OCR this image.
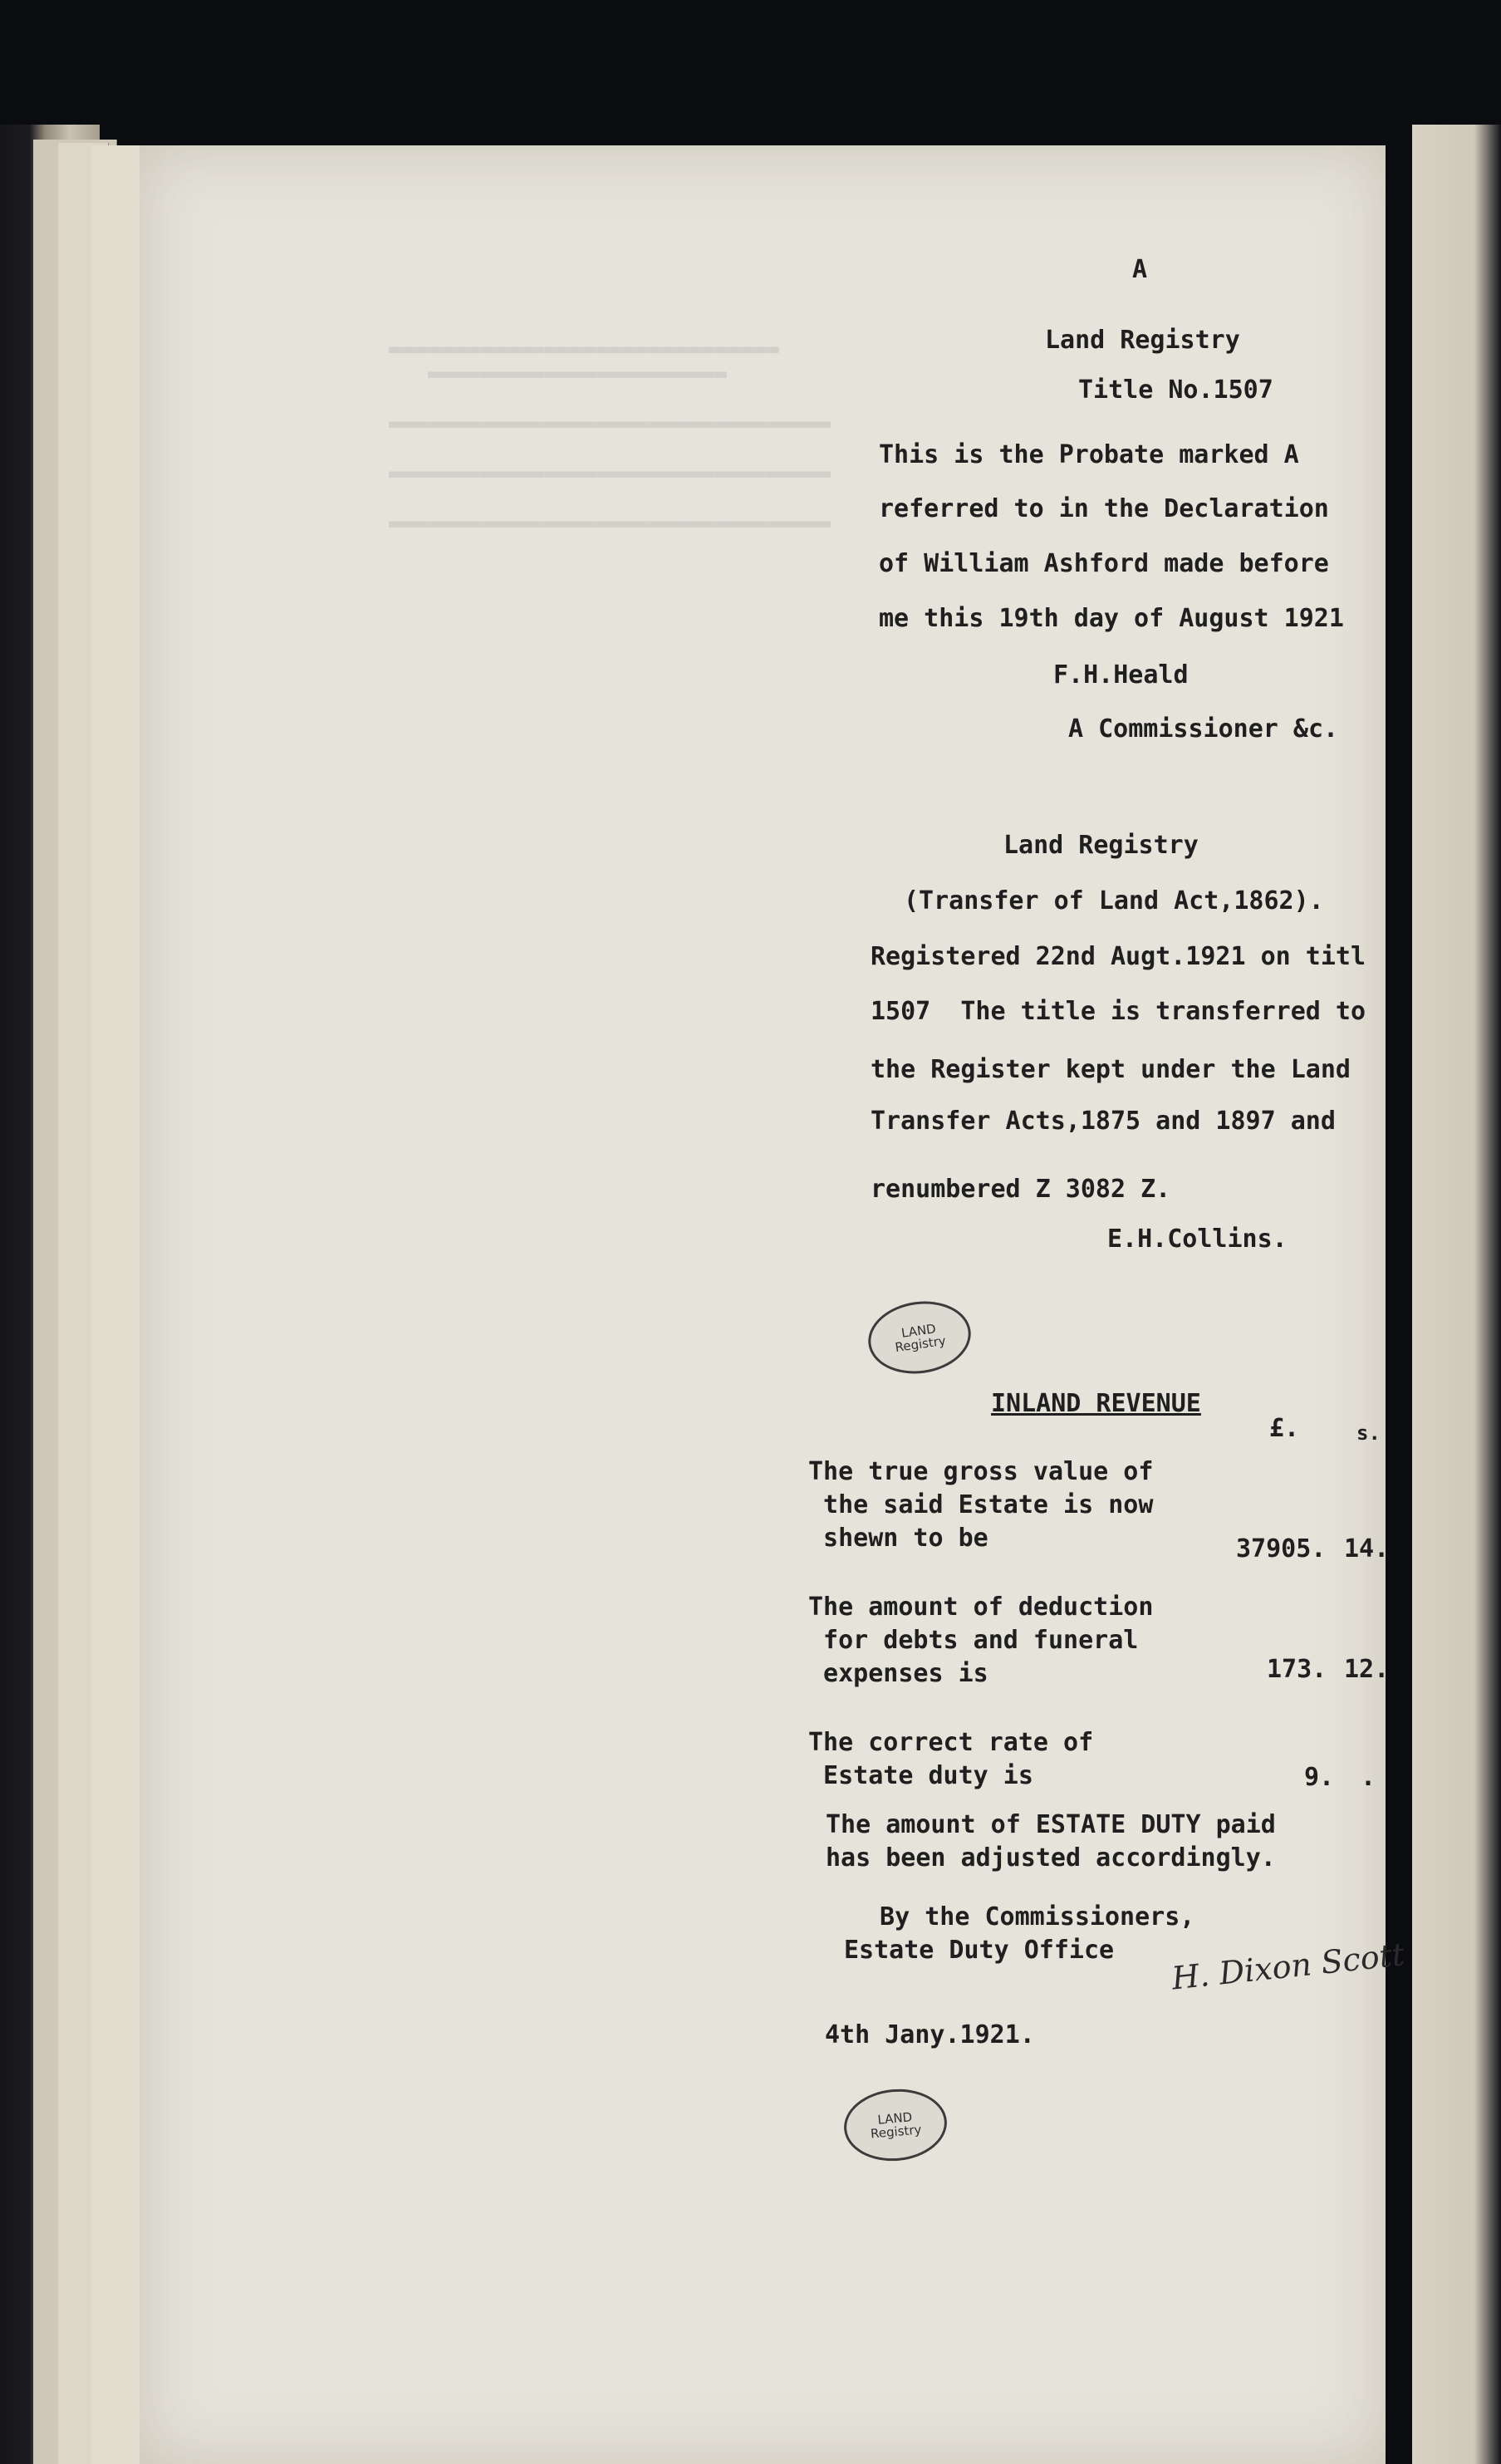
▬▬▬▬▬▬▬▬▬▬▬▬▬▬▬▬▬▬▬▬▬▬▬▬▬▬▬▬▬▬
▬▬▬▬▬▬▬▬▬▬▬▬▬▬▬▬▬▬▬▬▬▬▬

▬▬▬▬▬▬▬▬▬▬▬▬▬▬▬▬▬▬▬▬▬▬▬▬▬▬▬▬▬▬▬▬▬▬

▬▬▬▬▬▬▬▬▬▬▬▬▬▬▬▬▬▬▬▬▬▬▬▬▬▬▬▬▬▬▬▬▬▬

▬▬▬▬▬▬▬▬▬▬▬▬▬▬▬▬▬▬▬▬▬▬▬▬▬▬▬▬▬▬▬▬▬▬
A
Land Registry
Title No.1507
This is the Probate marked A
referred to in the Declaration
of William Ashford made before
me this 19th day of August 1921
F.H.Heald
A Commissioner &c.
Land Registry
(Transfer of Land Act,1862).
Registered 22nd Augt.1921 on titl
1507  The title is transferred to
the Register kept under the Land
Transfer Acts,1875 and 1897 and
renumbered Z 3082 Z.
E.H.Collins.
LAND
Registry
INLAND REVENUE
£.	s.
The true gross value of
the said Estate is now
shewn to be	37905. 14.
The amount of deduction
for debts and funeral
expenses is	173. 12.
The correct rate of
Estate duty is	9. .
The amount of ESTATE DUTY paid
has been adjusted accordingly.
By the Commissioners,
Estate Duty Office H. Dixon Scott
4th Jany.1921.
LAND
Registry
